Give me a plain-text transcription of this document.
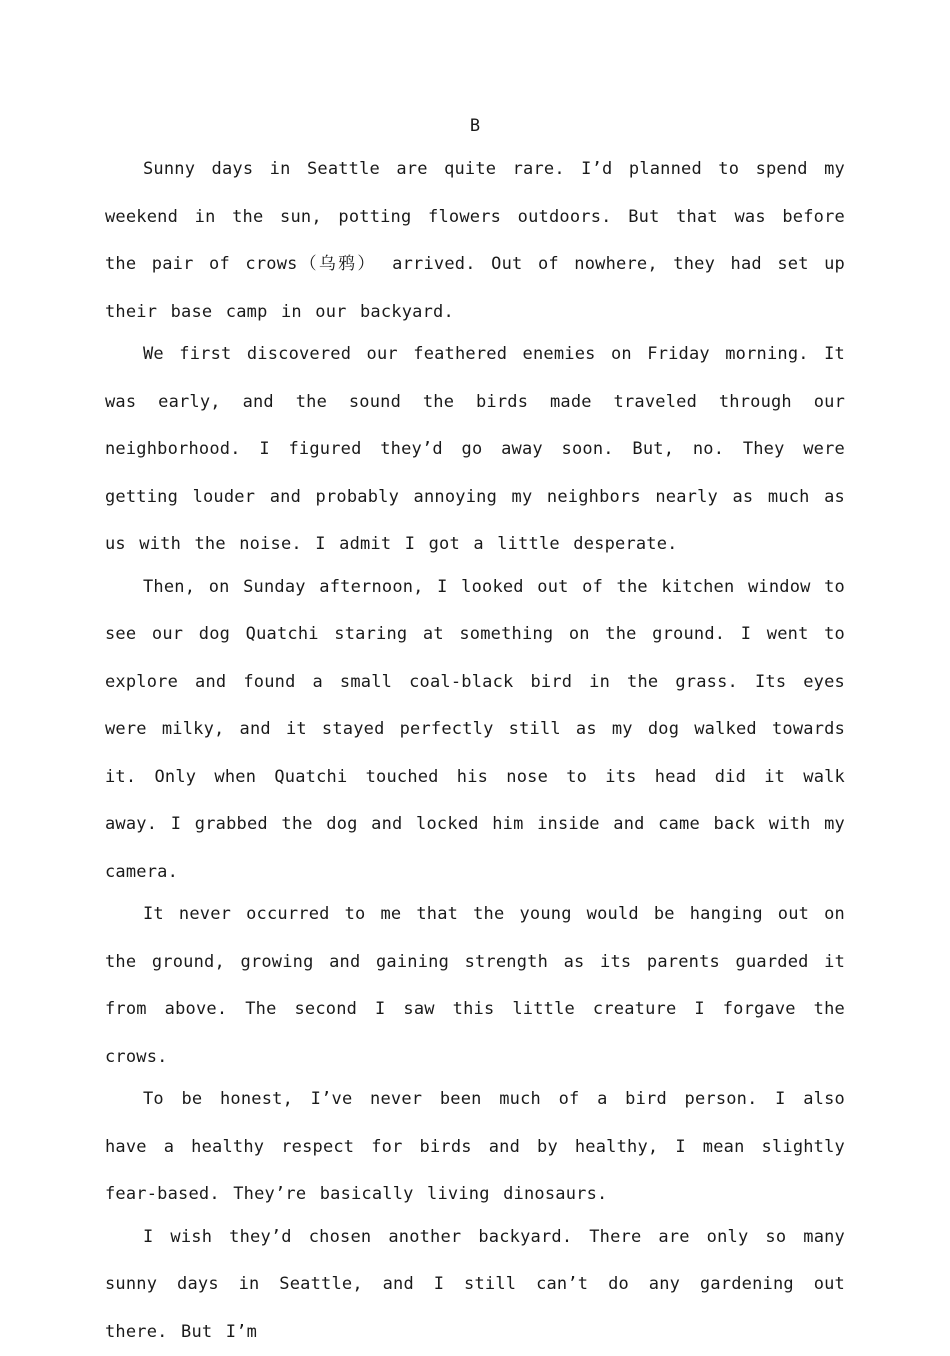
B

Sunny days in Seattle are quite rare. I’d planned to spend my weekend in the sun, potting flowers outdoors. But that was before the pair of crows（乌鸦） arrived. Out of nowhere, they had set up their base camp in our backyard.

We first discovered our feathered enemies on Friday morning. It was early, and the sound the birds made traveled through our neighborhood. I figured they’d go away soon. But, no. They were getting louder and probably annoying my neighbors nearly as much as us with the noise. I admit I got a little desperate.

Then, on Sunday afternoon, I looked out of the kitchen window to see our dog Quatchi staring at something on the ground. I went to explore and found a small coal-black bird in the grass. Its eyes were milky, and it stayed perfectly still as my dog walked towards it. Only when Quatchi touched his nose to its head did it walk away. I grabbed the dog and locked him inside and came back with my camera.

It never occurred to me that the young would be hanging out on the ground, growing and gaining strength as its parents guarded it from above. The second I saw this little creature I forgave the crows.

To be honest, I’ve never been much of a bird person. I also have a healthy respect for birds and by healthy, I mean slightly fear-based. They’re basically living dinosaurs.

I wish they’d chosen another backyard. There are only so many sunny days in Seattle, and I still can’t do any gardening out there. But I’m
